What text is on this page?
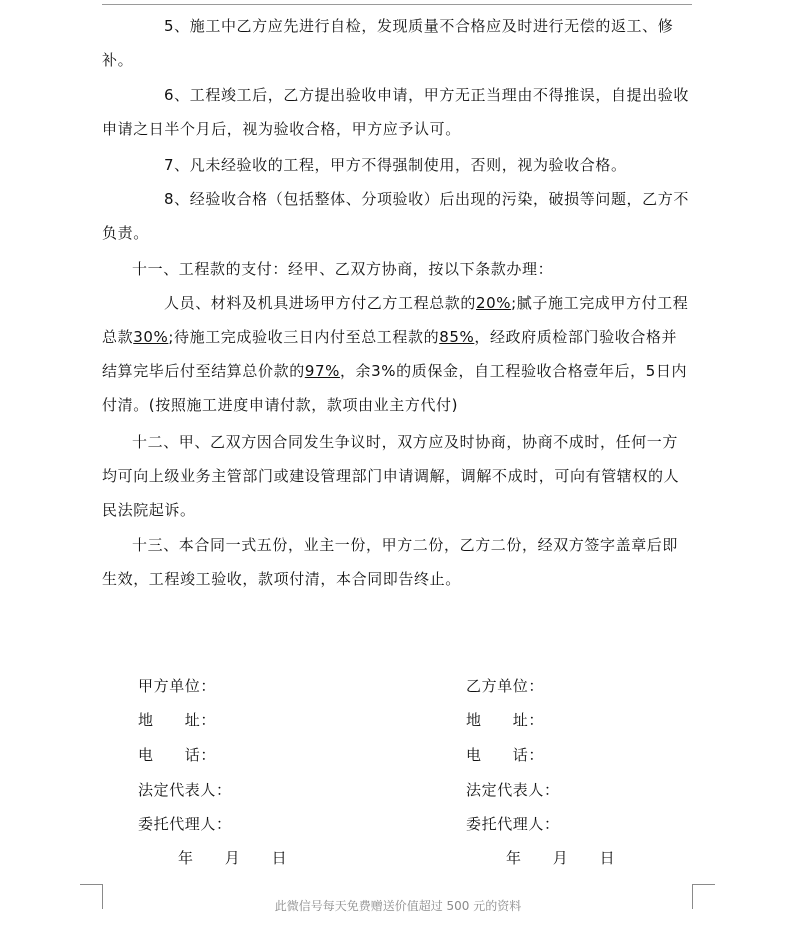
5、施工中乙方应先进行自检，发现质量不合格应及时进行无偿的返工、修补。
6、工程竣工后，乙方提出验收申请，甲方无正当理由不得推误，自提出验收申请之日半个月后，视为验收合格，甲方应予认可。
7、凡未经验收的工程，甲方不得强制使用，否则，视为验收合格。
8、经验收合格（包括整体、分项验收）后出现的污染，破损等问题，乙方不负责。
十一、工程款的支付：经甲、乙双方协商，按以下条款办理：
人员、材料及机具进场甲方付乙方工程总款的20%;腻子施工完成甲方付工程总款30%;待施工完成验收三日内付至总工程款的85%，经政府质检部门验收合格并结算完毕后付至结算总价款的97%，余3%的质保金，自工程验收合格壹年后，5日内付清。(按照施工进度申请付款，款项由业主方代付)
十二、甲、乙双方因合同发生争议时，双方应及时协商，协商不成时，任何一方均可向上级业务主管部门或建设管理部门申请调解，调解不成时，可向有管辖权的人民法院起诉。
十三、本合同一式五份，业主一份，甲方二份，乙方二份，经双方签字盖章后即生效，工程竣工验收，款项付清，本合同即告终止。
甲方单位：
地　　址：
电　　话：
法定代表人：
委托代理人：
年　　月　　日
乙方单位：
地　　址：
电　　话：
法定代表人：
委托代理人：
年　　月　　日
此微信号每天免费赠送价值超过 500 元的资料
